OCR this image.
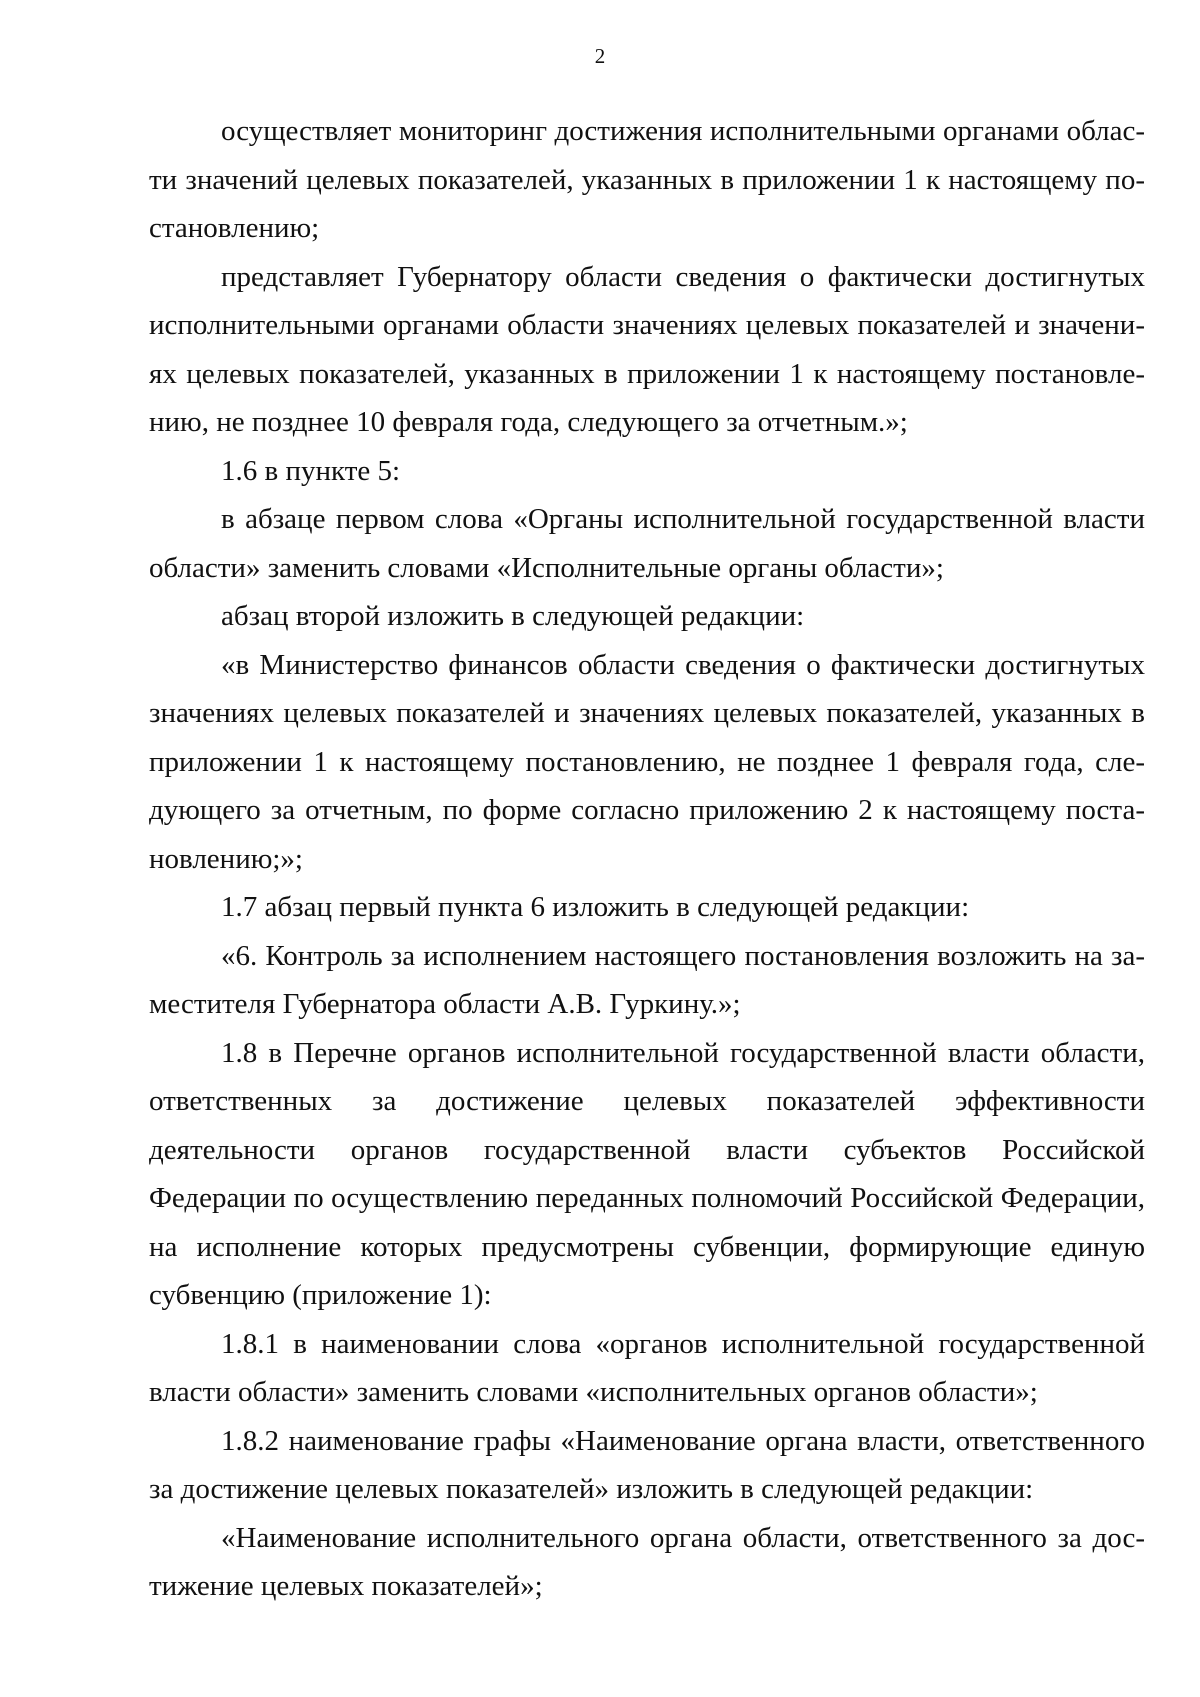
2

осуществляет мониторинг достижения исполнительными органами области значений целевых показателей, указанных в приложении 1 к настоящему постановлению;

представляет Губернатору области сведения о фактически достигнутых исполнительными органами области значениях целевых показателей и значениях целевых показателей, указанных в приложении 1 к настоящему постановлению, не позднее 10 февраля года, следующего за отчетным.»;

1.6 в пункте 5:

в абзаце первом слова «Органы исполнительной государственной власти области» заменить словами «Исполнительные органы области»;

абзац второй изложить в следующей редакции:

«в Министерство финансов области сведения о фактически достигнутых значениях целевых показателей и значениях целевых показателей, указанных в приложении 1 к настоящему постановлению, не позднее 1 февраля года, следующего за отчетным, по форме согласно приложению 2 к настоящему постановлению;»;

1.7 абзац первый пункта 6 изложить в следующей редакции:

«6. Контроль за исполнением настоящего постановления возложить на заместителя Губернатора области А.В. Гуркину.»;

1.8 в Перечне органов исполнительной государственной власти области, ответственных за достижение целевых показателей эффективности деятельности органов государственной власти субъектов Российской Федерации по осуществлению переданных полномочий Российской Федерации, на исполнение которых предусмотрены субвенции, формирующие единую субвенцию (приложение 1):

1.8.1 в наименовании слова «органов исполнительной государственной власти области» заменить словами «исполнительных органов области»;

1.8.2 наименование графы «Наименование органа власти, ответственного за достижение целевых показателей» изложить в следующей редакции:

«Наименование исполнительного органа области, ответственного за достижение целевых показателей»;
